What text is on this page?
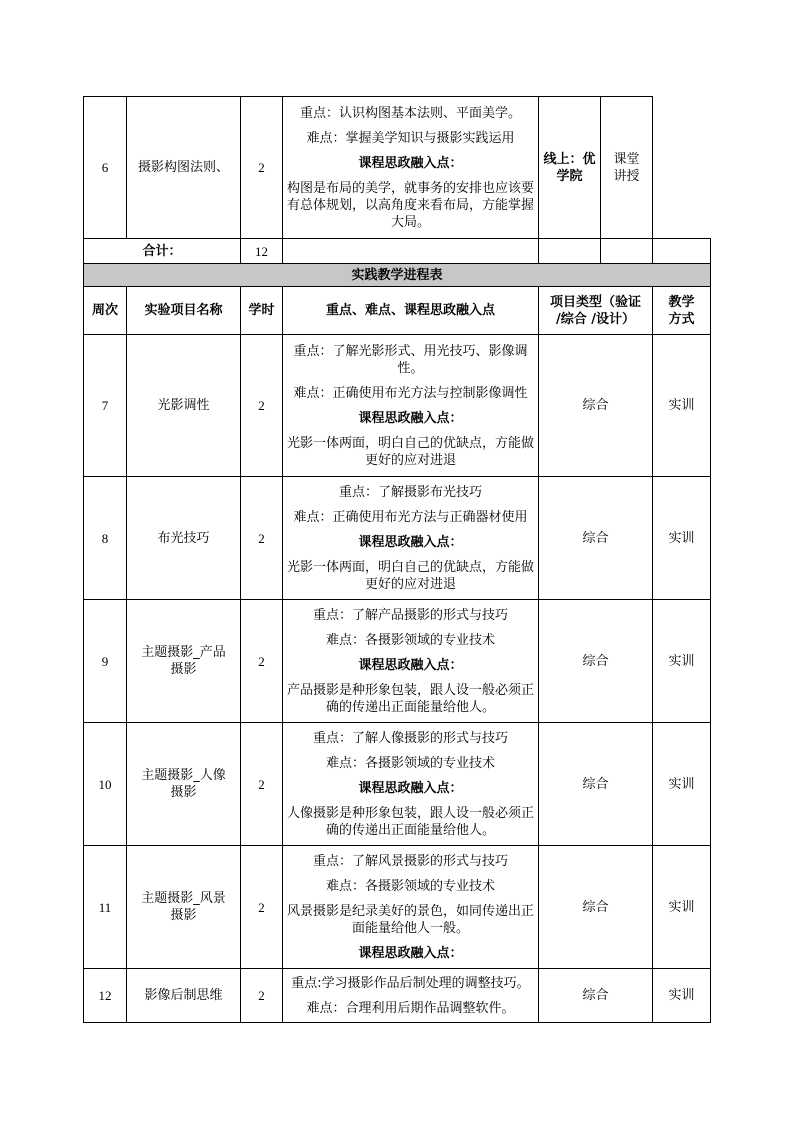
6	摄影构图法则、	2	重点：认识构图基本法则、平面美学。
难点：掌握美学知识与摄影实践运用
课程思政融入点：
构图是布局的美学，就事务的安排也应该要有总体规划，以高角度来看布局，方能掌握大局。	线上：优
学院	课堂
讲授	

合计：		12				
实践教学进程表						
周次	实验项目名称	学时	重点、难点、课程思政融入点	项目类型（验证
/综合 /设计）		教学
方式

7	光影调性	2	重点：了解光影形式、用光技巧、影像调性。
难点：正确使用布光方法与控制影像调性
课程思政融入点：
光影一体两面，明白自己的优缺点，方能做更好的应对进退	综合		实训
8	布光技巧	2	重点：了解摄影布光技巧
难点：正确使用布光方法与正确器材使用
课程思政融入点：
光影一体两面，明白自己的优缺点，方能做更好的应对进退	综合		实训
9	主题摄影_产品
摄影	2	重点：了解产品摄影的形式与技巧
难点：各摄影领域的专业技术
课程思政融入点：
产品摄影是种形象包装，跟人设一般必须正确的传递出正面能量给他人。	综合		实训
10	主题摄影_人像
摄影	2	重点：了解人像摄影的形式与技巧
难点：各摄影领域的专业技术
课程思政融入点：
人像摄影是种形象包装，跟人设一般必须正确的传递出正面能量给他人。	综合		实训
11	主题摄影_风景
摄影	2	重点：了解风景摄影的形式与技巧
难点：各摄影领域的专业技术
风景摄影是纪录美好的景色，如同传递出正面能量给他人一般。
课程思政融入点：	综合		实训
12	影像后制思维	2	重点:学习摄影作品后制处理的调整技巧。
难点：合理利用后期作品调整软件。	综合		实训
